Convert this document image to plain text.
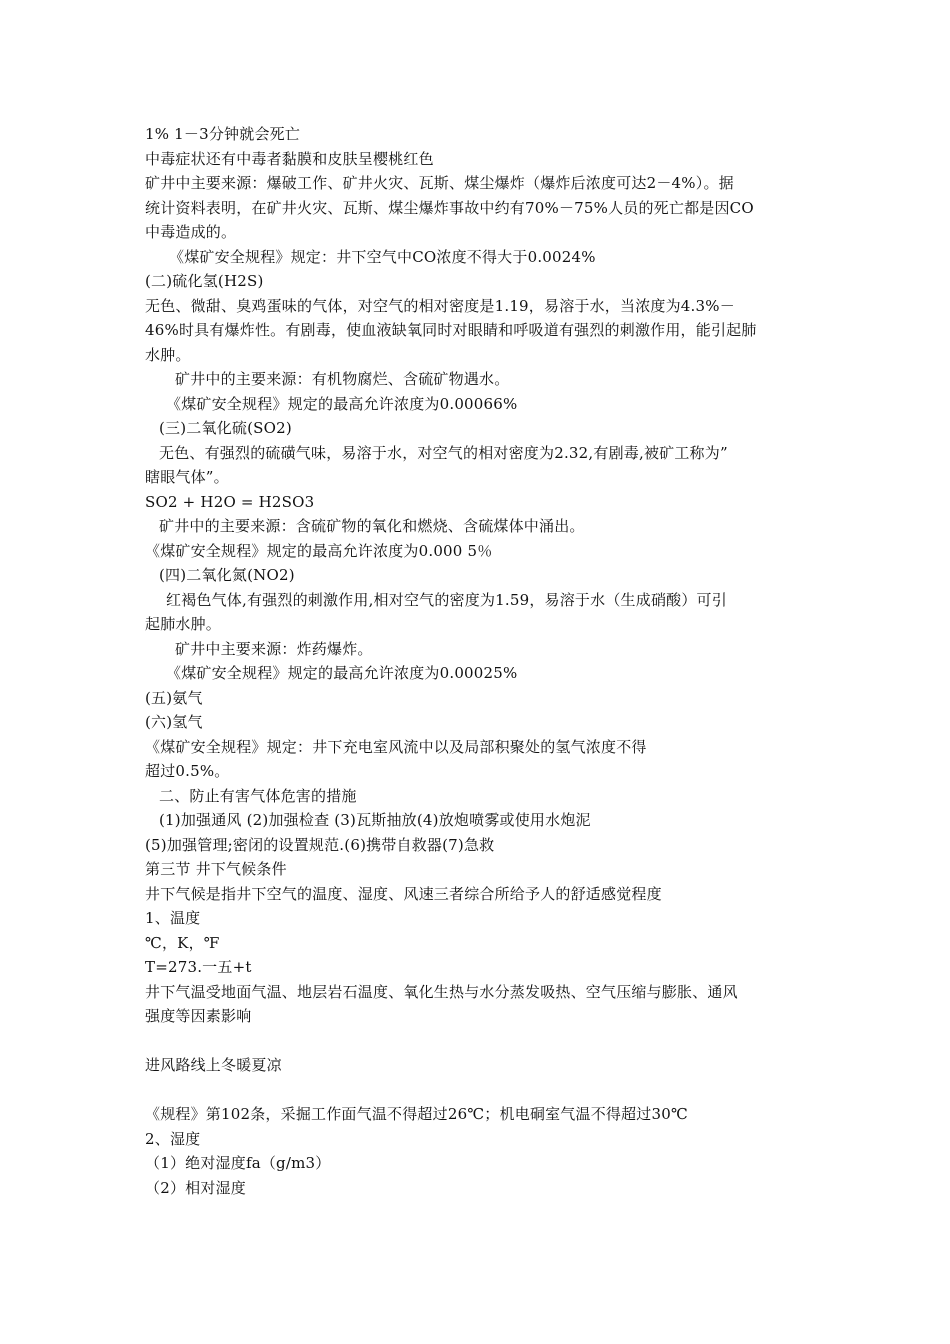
1% 1－3分钟就会死亡
中毒症状还有中毒者黏膜和皮肤呈樱桃红色
矿井中主要来源：爆破工作、矿井火灾、瓦斯、煤尘爆炸（爆炸后浓度可达2－4%）。据
统计资料表明，在矿井火灾、瓦斯、煤尘爆炸事故中约有70%－75%人员的死亡都是因CO
中毒造成的。
《煤矿安全规程》规定：井下空气中CO浓度不得大于0.0024%
(二)硫化氢(H2S)
无色、微甜、臭鸡蛋味的气体，对空气的相对密度是1.19，易溶于水，当浓度为4.3%－
46%时具有爆炸性。有剧毒，使血液缺氧同时对眼睛和呼吸道有强烈的刺激作用，能引起肺
水肿。
矿井中的主要来源：有机物腐烂、含硫矿物遇水。
《煤矿安全规程》规定的最高允许浓度为0.00066%
(三)二氧化硫(SO2)
无色、有强烈的硫磺气味，易溶于水，对空气的相对密度为2.32,有剧毒,被矿工称为”
瞎眼气体”。
SO2 + H2O = H2SO3
矿井中的主要来源：含硫矿物的氧化和燃烧、含硫煤体中涌出。
《煤矿安全规程》规定的最高允许浓度为0.000 5％
(四)二氧化氮(NO2)
红褐色气体,有强烈的刺激作用,相对空气的密度为1.59，易溶于水（生成硝酸）可引
起肺水肿。
矿井中主要来源：炸药爆炸。
《煤矿安全规程》规定的最高允许浓度为0.00025%
(五)氨气
(六)氢气
《煤矿安全规程》规定：井下充电室风流中以及局部积聚处的氢气浓度不得
超过0.5%。
二、防止有害气体危害的措施
(1)加强通风 (2)加强检查 (3)瓦斯抽放(4)放炮喷雾或使用水炮泥
(5)加强管理;密闭的设置规范.(6)携带自救器(7)急救
第三节 井下气候条件
井下气候是指井下空气的温度、湿度、风速三者综合所给予人的舒适感觉程度
1、温度
℃，K，℉
T=273.一五+t
井下气温受地面气温、地层岩石温度、氧化生热与水分蒸发吸热、空气压缩与膨胀、通风
强度等因素影响
进风路线上冬暖夏凉
《规程》第102条，采掘工作面气温不得超过26℃；机电硐室气温不得超过30℃
2、湿度
（1）绝对湿度fa（g/m3）
（2）相对湿度
